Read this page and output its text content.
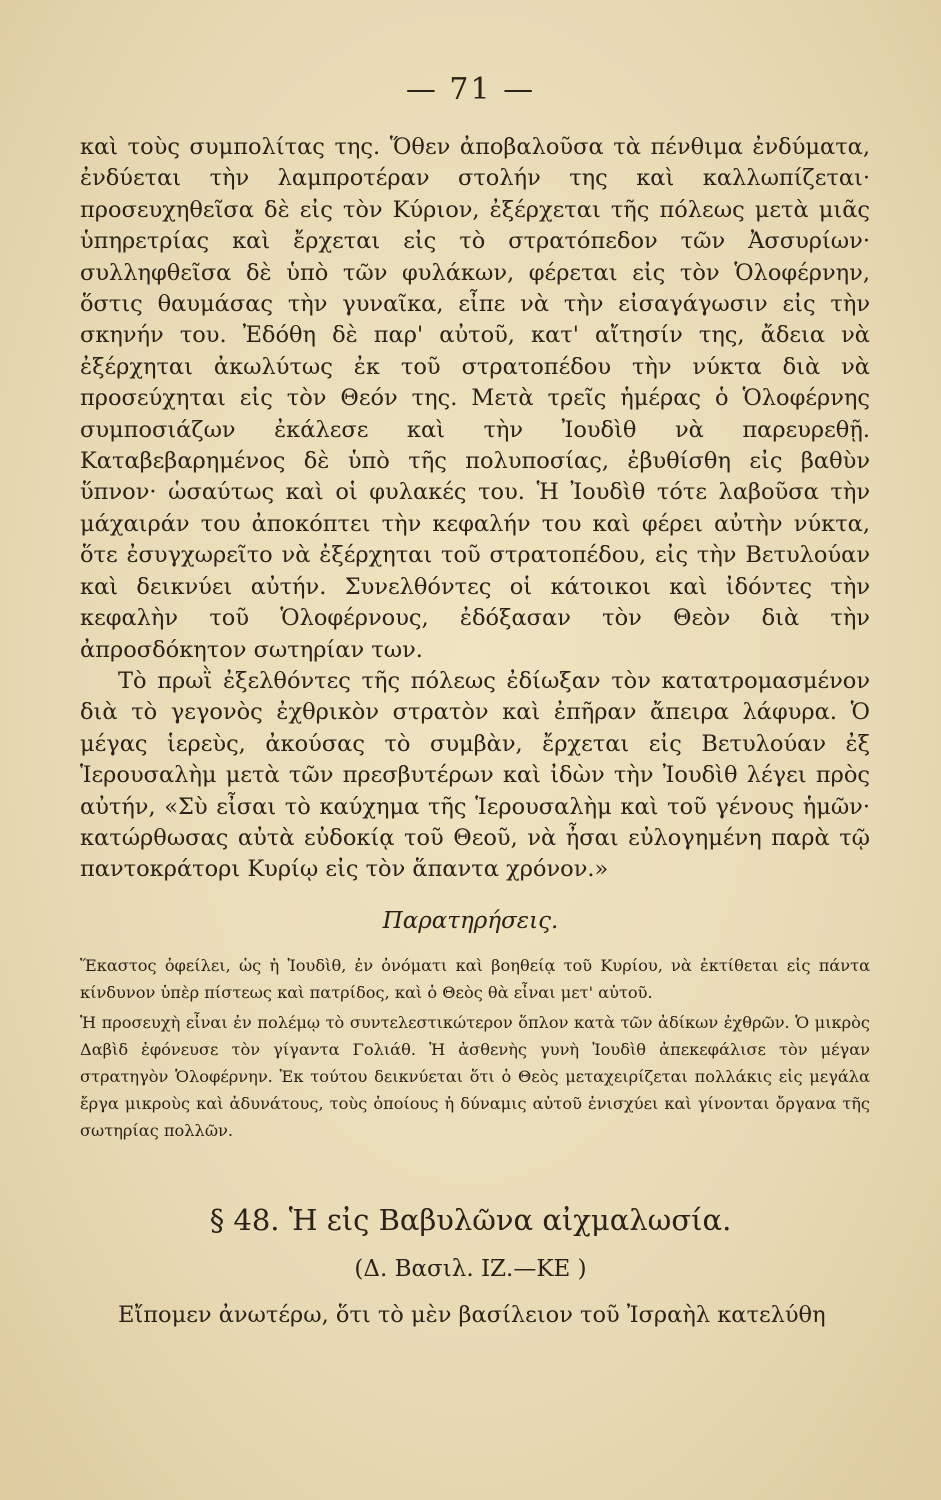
— 71 —

καὶ τοὺς συμπολίτας της. Ὅθεν ἀποβαλοῦσα τὰ πένθιμα ἐνδύματα, ἐνδύεται τὴν λαμπροτέραν στολήν της καὶ καλλωπίζεται· προσευχηθεῖσα δὲ εἰς τὸν Κύριον, ἐξέρχεται τῆς πόλεως μετὰ μιᾶς ὑπηρετρίας καὶ ἔρχεται εἰς τὸ στρατόπεδον τῶν Ἀσσυρίων· συλληφθεῖσα δὲ ὑπὸ τῶν φυλάκων, φέρεται εἰς τὸν Ὁλοφέρνην, ὅστις θαυμάσας τὴν γυναῖκα, εἶπε νὰ τὴν εἰσαγάγωσιν εἰς τὴν σκηνήν του. Ἐδόθη δὲ παρ' αὐτοῦ, κατ' αἴτησίν της, ἄδεια νὰ ἐξέρχηται ἀκωλύτως ἐκ τοῦ στρατοπέδου τὴν νύκτα διὰ νὰ προσεύχηται εἰς τὸν Θεόν της. Μετὰ τρεῖς ἡμέρας ὁ Ὁλοφέρνης συμποσιάζων ἐκάλεσε καὶ τὴν Ἰουδὶθ νὰ παρευρεθῇ. Καταβεβαρημένος δὲ ὑπὸ τῆς πολυποσίας, ἐβυθίσθη εἰς βαθὺν ὕπνον· ὡσαύτως καὶ οἱ φυλακές του. Ἡ Ἰουδὶθ τότε λαβοῦσα τὴν μάχαιράν του ἀποκόπτει τὴν κεφαλήν του καὶ φέρει αὐτὴν νύκτα, ὅτε ἐσυγχωρεῖτο νὰ ἐξέρχηται τοῦ στρατοπέδου, εἰς τὴν Βετυλούαν καὶ δεικνύει αὐτήν. Συνελθόντες οἱ κάτοικοι καὶ ἰδόντες τὴν κεφαλὴν τοῦ Ὁλοφέρνους, ἐδόξασαν τὸν Θεὸν διὰ τὴν ἀπροσδόκητον σωτηρίαν των.

Τὸ πρωῒ ἐξελθόντες τῆς πόλεως ἐδίωξαν τὸν κατατρομασμένον διὰ τὸ γεγονὸς ἐχθρικὸν στρατὸν καὶ ἐπῆραν ἄπειρα λάφυρα. Ὁ μέγας ἱερεὺς, ἀκούσας τὸ συμβὰν, ἔρχεται εἰς Βετυλούαν ἐξ Ἱερουσαλὴμ μετὰ τῶν πρεσβυτέρων καὶ ἰδὼν τὴν Ἰουδὶθ λέγει πρὸς αὐτήν, «Σὺ εἶσαι τὸ καύχημα τῆς Ἱερουσαλὴμ καὶ τοῦ γένους ἡμῶν· κατώρθωσας αὐτὰ εὐδοκίᾳ τοῦ Θεοῦ, νὰ ἦσαι εὐλογημένη παρὰ τῷ παντοκράτορι Κυρίῳ εἰς τὸν ἅπαντα χρόνον.»

Παρατηρήσεις.

Ἕκαστος ὀφείλει, ὡς ἡ Ἰουδὶθ, ἐν ὀνόματι καὶ βοηθείᾳ τοῦ Κυρίου, νὰ ἐκτίθεται εἰς πάντα κίνδυνον ὑπὲρ πίστεως καὶ πατρίδος, καὶ ὁ Θεὸς θὰ εἶναι μετ' αὐτοῦ.

Ἡ προσευχὴ εἶναι ἐν πολέμῳ τὸ συντελεστικώτερον ὅπλον κατὰ τῶν ἀδίκων ἐχθρῶν. Ὁ μικρὸς Δαβὶδ ἐφόνευσε τὸν γίγαντα Γολιάθ. Ἡ ἀσθενὴς γυνὴ Ἰουδὶθ ἀπεκεφάλισε τὸν μέγαν στρατηγὸν Ὁλοφέρνην. Ἐκ τούτου δεικνύεται ὅτι ὁ Θεὸς μεταχειρίζεται πολλάκις εἰς μεγάλα ἔργα μικροὺς καὶ ἀδυνάτους, τοὺς ὁποίους ἡ δύναμις αὐτοῦ ἐνισχύει καὶ γίνονται ὄργανα τῆς σωτηρίας πολλῶν.

§ 48. Ἡ εἰς Βαβυλῶνα αἰχμαλωσία.
(Δ. Βασιλ. ΙΖ.—ΚΕ )

Εἴπομεν ἀνωτέρω, ὅτι τὸ μὲν βασίλειον τοῦ Ἰσραὴλ κατελύθη
